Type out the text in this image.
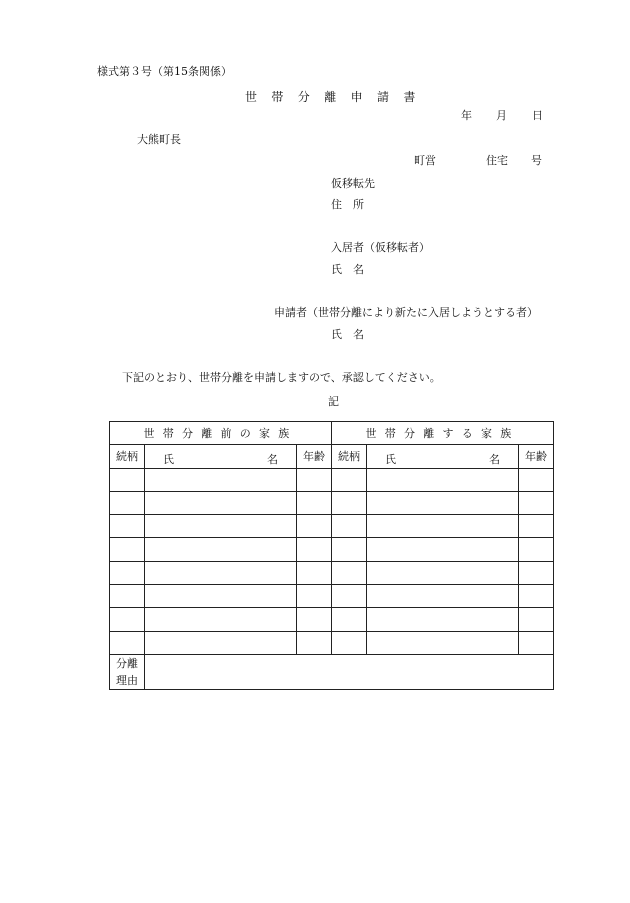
様式第３号（第15条関係）
世帯分離申請書
年 月 日
大熊町長
町営	住宅 号
仮移転先
住　所
入居者（仮移転者）
氏　名
申請者（世帯分離により新たに入居しようとする者）
氏　名
下記のとおり、世帯分離を申請しますので、承認してください。
記
世帯分離前の家族			世帯分離する家族		
続柄	氏 名	年齢	続柄	氏 名	年齢

分離
理由					
